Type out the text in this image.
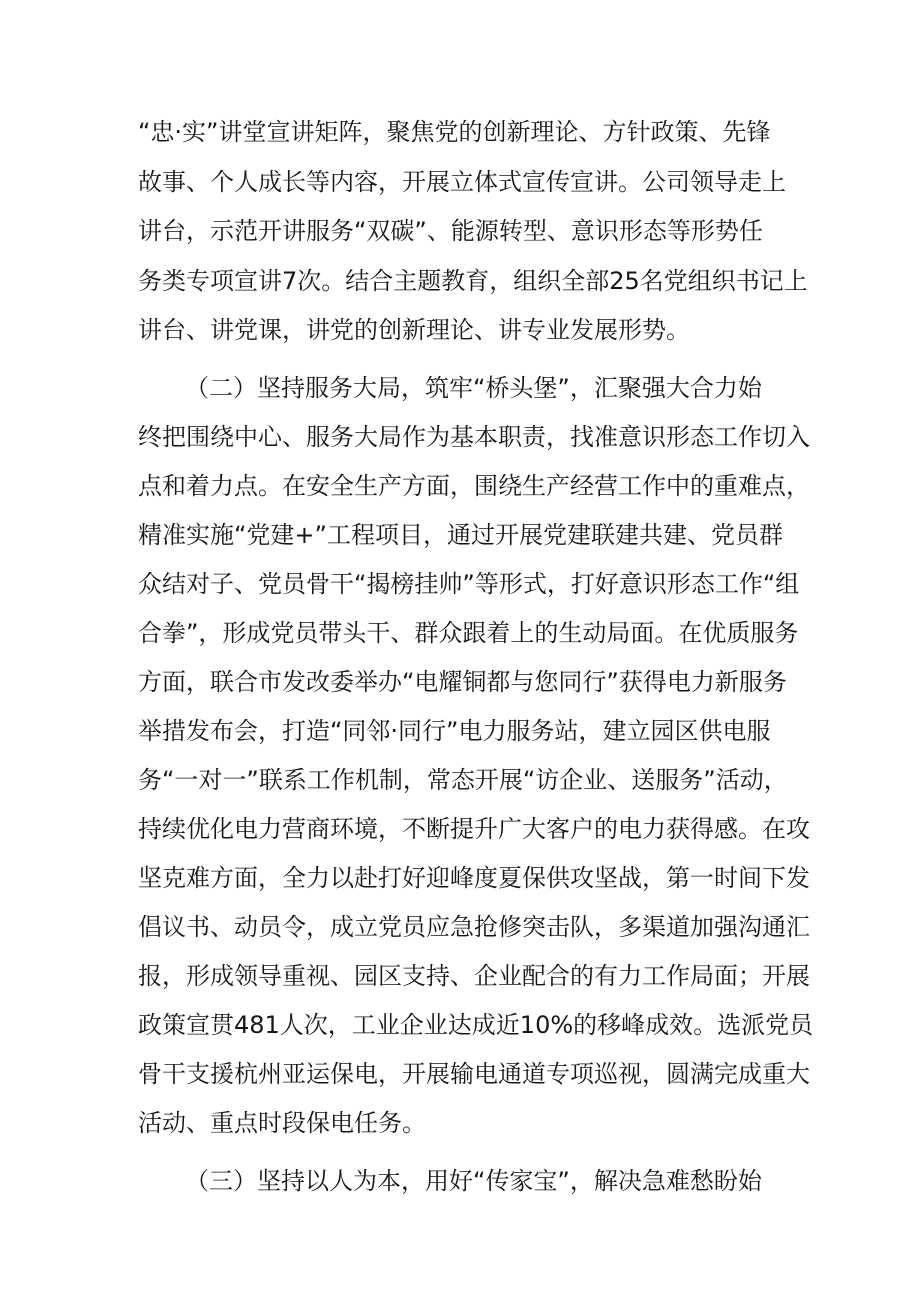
“忠·实”讲堂宣讲矩阵，聚焦党的创新理论、方针政策、先锋

故事、个人成长等内容，开展立体式宣传宣讲。公司领导走上

讲台，示范开讲服务“双碳”、能源转型、意识形态等形势任

务类专项宣讲7次。结合主题教育，组织全部25名党组织书记上

讲台、讲党课，讲党的创新理论、讲专业发展形势。

（二）坚持服务大局，筑牢“桥头堡”，汇聚强大合力始

终把围绕中心、服务大局作为基本职责，找准意识形态工作切入

点和着力点。在安全生产方面，围绕生产经营工作中的重难点，

精准实施“党建+”工程项目，通过开展党建联建共建、党员群

众结对子、党员骨干“揭榜挂帅”等形式，打好意识形态工作“组

合拳”，形成党员带头干、群众跟着上的生动局面。在优质服务

方面，联合市发改委举办“电耀铜都与您同行”获得电力新服务

举措发布会，打造“同邻·同行”电力服务站，建立园区供电服

务“一对一”联系工作机制，常态开展“访企业、送服务”活动，

持续优化电力营商环境，不断提升广大客户的电力获得感。在攻

坚克难方面，全力以赴打好迎峰度夏保供攻坚战，第一时间下发

倡议书、动员令，成立党员应急抢修突击队，多渠道加强沟通汇

报，形成领导重视、园区支持、企业配合的有力工作局面；开展

政策宣贯481人次，工业企业达成近10%的移峰成效。选派党员

骨干支援杭州亚运保电，开展输电通道专项巡视，圆满完成重大

活动、重点时段保电任务。

（三）坚持以人为本，用好“传家宝”，解决急难愁盼始
